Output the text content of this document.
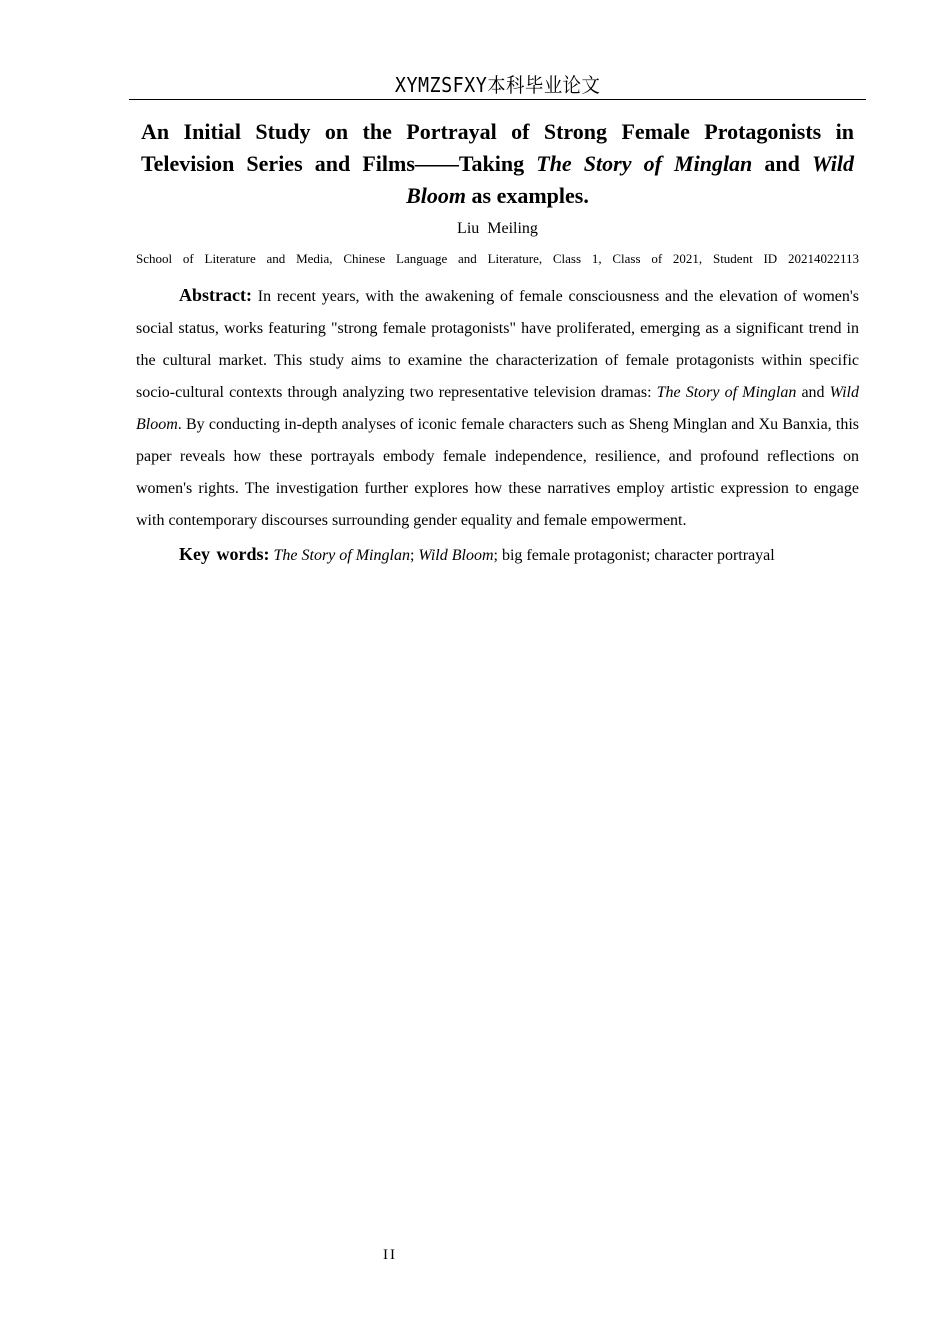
XYMZSFXY本科毕业论文
An Initial Study on the Portrayal of Strong Female Protagonists in Television Series and Films——Taking The Story of Minglan and Wild Bloom as examples.
Liu Meiling
School of Literature and Media, Chinese Language and Literature, Class 1, Class of 2021, Student ID 20214022113

Abstract: In recent years, with the awakening of female consciousness and the elevation of women's social status, works featuring "strong female protagonists" have proliferated, emerging as a significant trend in the cultural market. This study aims to examine the characterization of female protagonists within specific socio-cultural contexts through analyzing two representative television dramas: The Story of Minglan and Wild Bloom. By conducting in-depth analyses of iconic female characters such as Sheng Minglan and Xu Banxia, this paper reveals how these portrayals embody female independence, resilience, and profound reflections on women's rights. The investigation further explores how these narratives employ artistic expression to engage with contemporary discourses surrounding gender equality and female empowerment.

Key words: The Story of Minglan; Wild Bloom; big female protagonist; character portrayal

II
